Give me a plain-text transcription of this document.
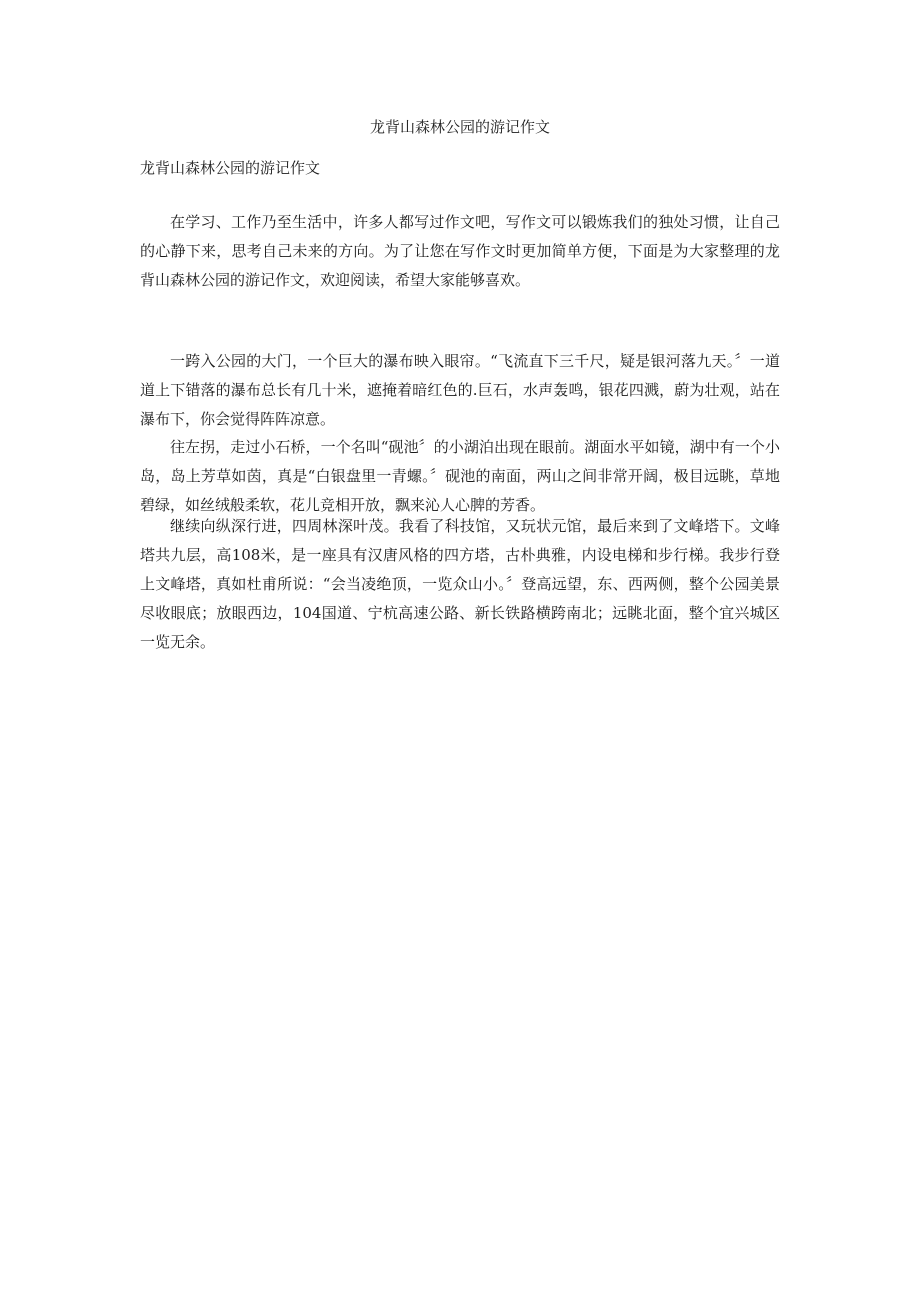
龙背山森林公园的游记作文
龙背山森林公园的游记作文

在学习、工作乃至生活中，许多人都写过作文吧，写作文可以锻炼我们的独处习惯，让自己的心静下来，思考自己未来的方向。为了让您在写作文时更加简单方便，下面是为大家整理的龙背山森林公园的游记作文，欢迎阅读，希望大家能够喜欢。

一跨入公园的大门，一个巨大的瀑布映入眼帘。“飞流直下三千尺，疑是银河落九天。〞一道道上下错落的瀑布总长有几十米，遮掩着暗红色的.巨石，水声轰鸣，银花四溅，蔚为壮观，站在瀑布下，你会觉得阵阵凉意。

往左拐，走过小石桥，一个名叫“砚池〞的小湖泊出现在眼前。湖面水平如镜，湖中有一个小岛，岛上芳草如茵，真是“白银盘里一青螺。〞砚池的南面，两山之间非常开阔，极目远眺，草地碧绿，如丝绒般柔软，花儿竞相开放，飘来沁人心脾的芳香。

继续向纵深行进，四周林深叶茂。我看了科技馆，又玩状元馆，最后来到了文峰塔下。文峰塔共九层，高108米，是一座具有汉唐风格的四方塔，古朴典雅，内设电梯和步行梯。我步行登上文峰塔，真如杜甫所说：“会当凌绝顶，一览众山小。〞登高远望，东、西两侧，整个公园美景尽收眼底；放眼西边，104国道、宁杭高速公路、新长铁路横跨南北；远眺北面，整个宜兴城区一览无余。
